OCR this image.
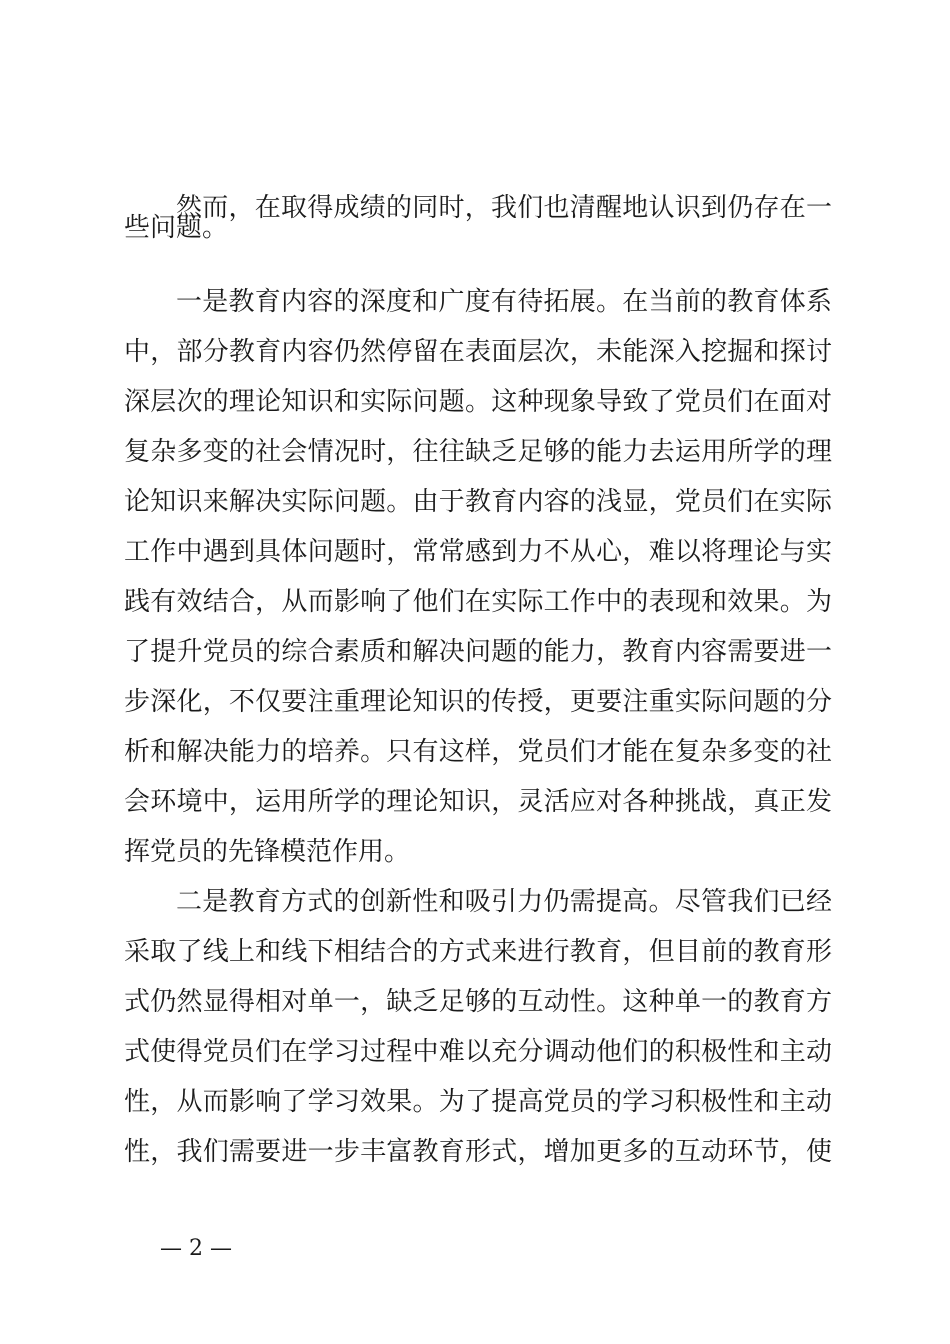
然而，在取得成绩的同时，我们也清醒地认识到仍存在一

些问题。

一是教育内容的深度和广度有待拓展。在当前的教育体系

中，部分教育内容仍然停留在表面层次，未能深入挖掘和探讨

深层次的理论知识和实际问题。这种现象导致了党员们在面对

复杂多变的社会情况时，往往缺乏足够的能力去运用所学的理

论知识来解决实际问题。由于教育内容的浅显，党员们在实际

工作中遇到具体问题时，常常感到力不从心，难以将理论与实

践有效结合，从而影响了他们在实际工作中的表现和效果。为

了提升党员的综合素质和解决问题的能力，教育内容需要进一

步深化，不仅要注重理论知识的传授，更要注重实际问题的分

析和解决能力的培养。只有这样，党员们才能在复杂多变的社

会环境中，运用所学的理论知识，灵活应对各种挑战，真正发

挥党员的先锋模范作用。

二是教育方式的创新性和吸引力仍需提高。尽管我们已经

采取了线上和线下相结合的方式来进行教育，但目前的教育形

式仍然显得相对单一，缺乏足够的互动性。这种单一的教育方

式使得党员们在学习过程中难以充分调动他们的积极性和主动

性，从而影响了学习效果。为了提高党员的学习积极性和主动

性，我们需要进一步丰富教育形式，增加更多的互动环节，使

— 2 —
